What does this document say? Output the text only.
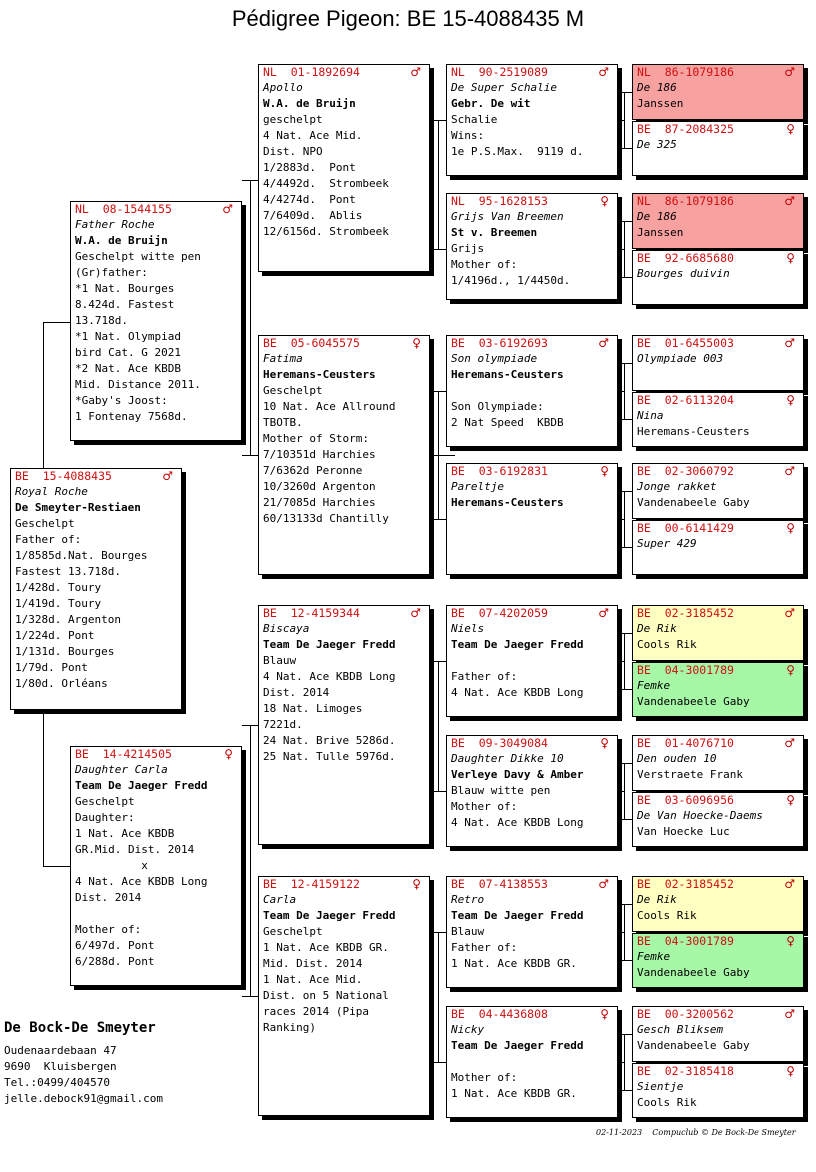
Pédigree Pigeon: BE 15-4088435 M
BE  15-4088435	♂
Royal Roche
De Smeyter-Restiaen
Geschelpt
Father of:
1/8585d.Nat. Bourges
Fastest 13.718d.
1/428d. Toury
1/419d. Toury
1/328d. Argenton
1/224d. Pont
1/131d. Bourges
1/79d. Pont
1/80d. Orléans
NL  08-1544155	♂
Father Roche
W.A. de Bruijn
Geschelpt witte pen
(Gr)father:
*1 Nat. Bourges
8.424d. Fastest
13.718d.
*1 Nat. Olympiad
bird Cat. G 2021
*2 Nat. Ace KBDB
Mid. Distance 2011.
*Gaby's Joost:
1 Fontenay 7568d.
BE  14-4214505	♀
Daughter Carla
Team De Jaeger Fredd
Geschelpt
Daughter:
1 Nat. Ace KBDB
GR.Mid. Dist. 2014
x
4 Nat. Ace KBDB Long
Dist. 2014
Mother of:
6/497d. Pont
6/288d. Pont
NL  01-1892694	♂
Apollo
W.A. de Bruijn
geschelpt
4 Nat. Ace Mid.
Dist. NPO
1/2883d.  Pont
4/4492d.  Strombeek
4/4274d.  Pont
7/6409d.  Ablis
12/6156d. Strombeek
BE  05-6045575	♀
Fatima
Heremans-Ceusters
Geschelpt
10 Nat. Ace Allround
TBOTB.
Mother of Storm:
7/10351d Harchies
7/6362d Peronne
10/3260d Argenton
21/7085d Harchies
60/13133d Chantilly
BE  12-4159344	♂
Biscaya
Team De Jaeger Fredd
Blauw
4 Nat. Ace KBDB Long
Dist. 2014
18 Nat. Limoges
7221d.
24 Nat. Brive 5286d.
25 Nat. Tulle 5976d.
BE  12-4159122	♀
Carla
Team De Jaeger Fredd
Geschelpt
1 Nat. Ace KBDB GR.
Mid. Dist. 2014
1 Nat. Ace Mid.
Dist. on 5 National
races 2014 (Pipa
Ranking)
NL  90-2519089	♂
De Super Schalie
Gebr. De wit
Schalie
Wins:
1e P.S.Max.  9119 d.
NL  95-1628153	♀
Grijs Van Breemen
St v. Breemen
Grijs
Mother of:
1/4196d., 1/4450d.
BE  03-6192693	♂
Son olympiade
Heremans-Ceusters
Son Olympiade:
2 Nat Speed  KBDB
BE  03-6192831	♀
Pareltje
Heremans-Ceusters
BE  07-4202059	♂
Niels
Team De Jaeger Fredd
Father of:
4 Nat. Ace KBDB Long
BE  09-3049084	♀
Daughter Dikke 10
Verleye Davy & Amber
Blauw witte pen
Mother of:
4 Nat. Ace KBDB Long
BE  07-4138553	♂
Retro
Team De Jaeger Fredd
Blauw
Father of:
1 Nat. Ace KBDB GR.
BE  04-4436808	♀
Nicky
Team De Jaeger Fredd
Mother of:
1 Nat. Ace KBDB GR.
NL  86-1079186	♂
De 186
Janssen
BE  87-2084325	♀
De 325
NL  86-1079186	♂
De 186
Janssen
BE  92-6685680	♀
Bourges duivin
BE  01-6455003	♂
Olympiade 003
BE  02-6113204	♀
Nina
Heremans-Ceusters
BE  02-3060792	♂
Jonge rakket
Vandenabeele Gaby
BE  00-6141429	♀
Super 429
BE  02-3185452	♂
De Rik
Cools Rik
BE  04-3001789	♀
Femke
Vandenabeele Gaby
BE  01-4076710	♂
Den ouden 10
Verstraete Frank
BE  03-6096956	♀
De Van Hoecke-Daems
Van Hoecke Luc
BE  02-3185452	♂
De Rik
Cools Rik
BE  04-3001789	♀
Femke
Vandenabeele Gaby
BE  00-3200562	♂
Gesch Bliksem
Vandenabeele Gaby
BE  02-3185418	♀
Sientje
Cools Rik
De Bock-De Smeyter
Oudenaardebaan 47
9690  Kluisbergen
Tel.:0499/404570
jelle.debock91@gmail.com
02-11-2023    Compuclub © De Bock-De Smeyter
